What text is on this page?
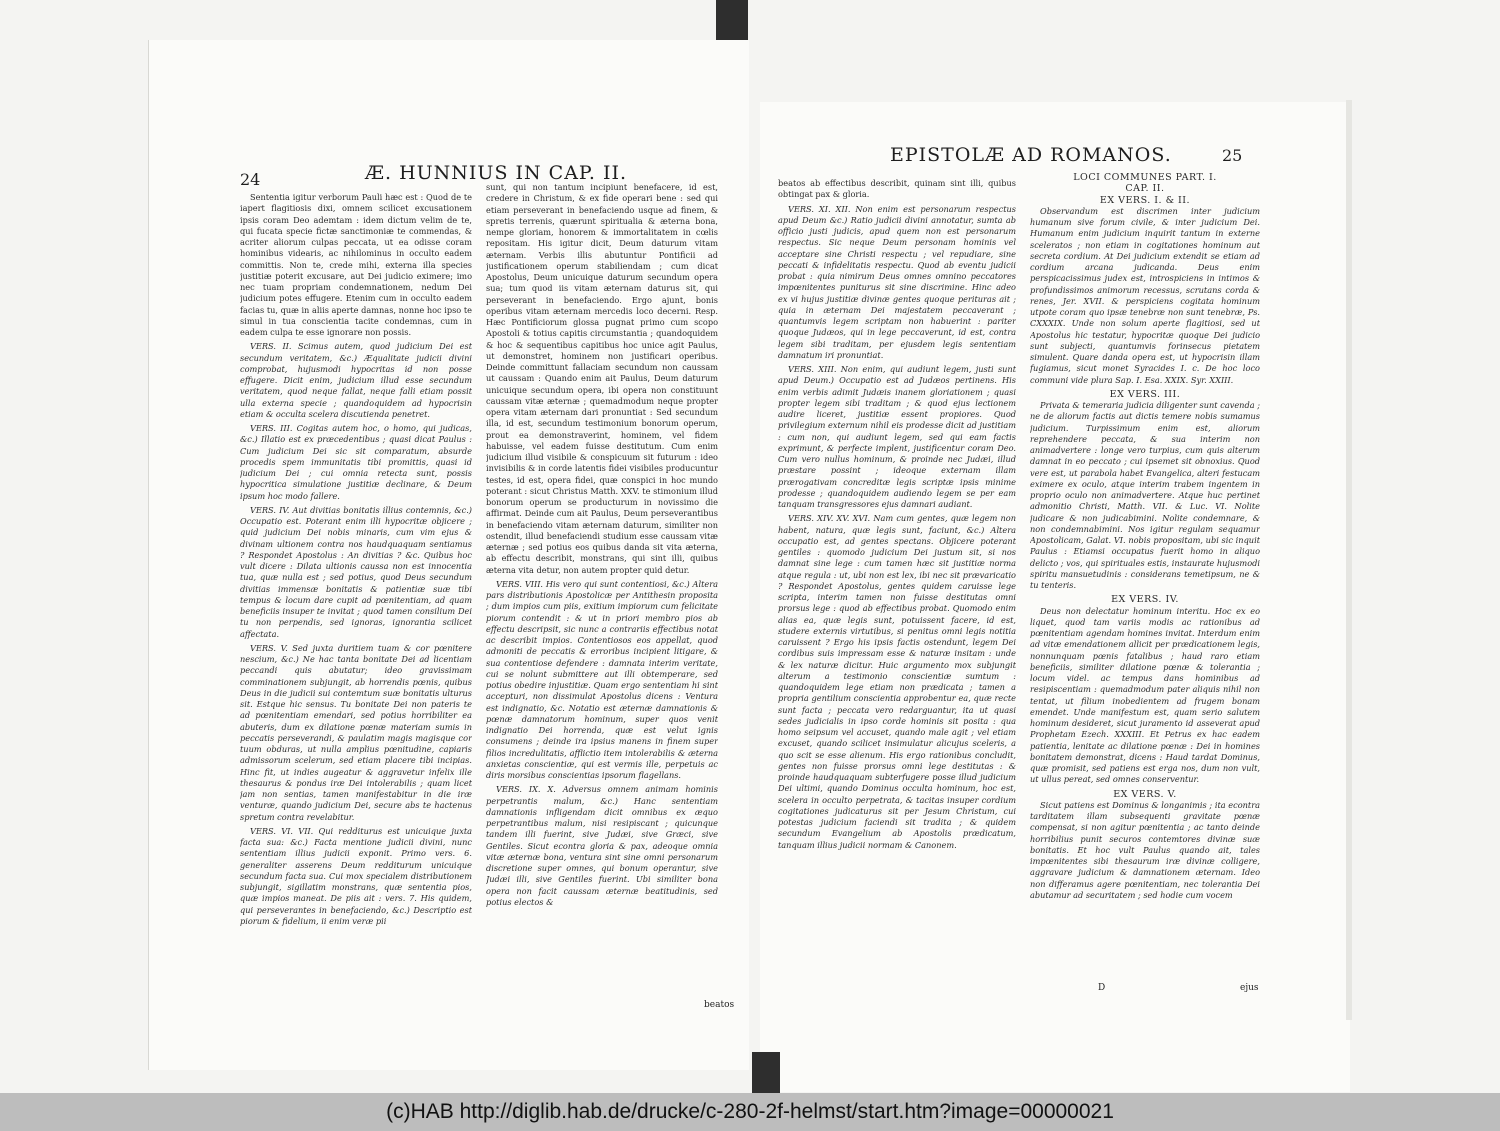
24	Æ. HUNNIUS IN CAP. II.

Sententia igitur verborum Pauli hæc est : Quod de te iapert flagitiosis dixi, omnem scilicet excusationem ipsis coram Deo ademtam : idem dictum velim de te, qui fucata specie fictæ sanctimoniæ te commendas, & acriter aliorum culpas peccata, ut ea odisse coram hominibus videaris, ac nihilominus in occulto eadem committis. Non te, crede mihi, externa illa species justitiæ poterit excusare, aut Dei judicio eximere; imo nec tuam propriam condemnationem, nedum Dei judicium potes effugere. Etenim cum in occulto eadem facias tu, quæ in aliis aperte damnas, nonne hoc ipso te simul in tua conscientia tacite condemnas, cum in eadem culpa te esse ignorare non possis.

VERS. II. Scimus autem, quod judicium Dei est secundum veritatem, &c.) Æqualitate judicii divini comprobat, hujusmodi hypocritas id non posse effugere. Dicit enim, judicium illud esse secundum veritatem, quod neque fallat, neque falli etiam possit ulla externa specie ; quandoquidem ad hypocrisin etiam & occulta scelera discutienda penetret.

VERS. III. Cogitas autem hoc, o homo, qui judicas, &c.) Illatio est ex præcedentibus ; quasi dicat Paulus : Cum judicium Dei sic sit comparatum, absurde procedis spem immunitatis tibi promittis, quasi id judicium Dei ; cui omnia retecta sunt, possis hypocritica simulatione justitiæ declinare, & Deum ipsum hoc modo fallere.

VERS. IV. Aut divitias bonitatis illius contemnis, &c.) Occupatio est. Poterant enim illi hypocritæ objicere ; quid judicium Dei nobis minaris, cum vim ejus & divinam ultionem contra nos haudquaquam sentiamus ? Respondet Apostolus : An divitias ? &c. Quibus hoc vult dicere : Dilata ultionis caussa non est innocentia tua, quæ nulla est ; sed potius, quod Deus secundum divitias immensæ bonitatis & patientiæ suæ tibi tempus & locum dare cupit ad pœnitentiam, ad quam beneficiis insuper te invitat ; quod tamen consilium Dei tu non perpendis, sed ignoras, ignorantia scilicet affectata.

VERS. V. Sed juxta duritiem tuam & cor pœnitere nescium, &c.) Ne hac tanta bonitate Dei ad licentiam peccandi quis abutatur; ideo gravissimam comminationem subjungit, ab horrendis pœnis, quibus Deus in die judicii sui contemtum suæ bonitatis ulturus sit. Estque hic sensus. Tu bonitate Dei non pateris te ad pœnitentiam emendari, sed potius horribiliter ea abuteris, dum ex dilatione pœnæ materiam sumis in peccatis perseverandi, & paulatim magis magisque cor tuum obduras, ut nulla amplius pœnitudine, capiaris admissorum scelerum, sed etiam placere tibi incipias. Hinc fit, ut indies augeatur & aggravetur infelix ille thesaurus & pondus iræ Dei intolerabilis ; quam licet jam non sentias, tamen manifestabitur in die iræ venturæ, quando judicium Dei, secure abs te hactenus spretum contra revelabitur.

VERS. VI. VII. Qui redditurus est unicuique juxta facta sua: &c.) Facta mentione judicii divini, nunc sententiam illius judicii exponit. Primo vers. 6. generaliter asserens Deum redditurum unicuique secundum facta sua. Cui mox specialem distributionem subjungit, sigillatim monstrans, quæ sententia pios, quæ impios maneat. De piis ait : vers. 7. His quidem, qui perseverantes in benefaciendo, &c.) Descriptio est piorum & fidelium, ii enim veræ pii

sunt, qui non tantum incipiunt benefacere, id est, credere in Christum, & ex fide operari bene : sed qui etiam perseverant in benefaciendo usque ad finem, & spretis terrenis, quærunt spiritualia & æterna bona, nempe gloriam, honorem & immortalitatem in cœlis repositam. His igitur dicit, Deum daturum vitam æternam. Verbis illis abutuntur Pontificii ad justificationem operum stabiliendam ; cum dicat Apostolus, Deum unicuique daturum secundum opera sua; tum quod iis vitam æternam daturus sit, qui perseverant in benefaciendo. Ergo ajunt, bonis operibus vitam æternam mercedis loco decerni. Resp. Hæc Pontificiorum glossa pugnat primo cum scopo Apostoli & totius capitis circumstantia ; quandoquidem & hoc & sequentibus capitibus hoc unice agit Paulus, ut demonstret, hominem non justificari operibus. Deinde committunt fallaciam secundum non caussam ut caussam : Quando enim ait Paulus, Deum daturum unicuique secundum opera, ibi opera non constituunt caussam vitæ æternæ ; quemadmodum neque propter opera vitam æternam dari pronuntiat : Sed secundum illa, id est, secundum testimonium bonorum operum, prout ea demonstraverint, hominem, vel fidem habuisse, vel eadem fuisse destitutum. Cum enim judicium illud visibile & conspicuum sit futurum : ideo invisibilis & in corde latentis fidei visibiles producuntur testes, id est, opera fidei, quæ conspici in hoc mundo poterant : sicut Christus Matth. XXV. te stimonium illud bonorum operum se producturum in novissimo die affirmat. Deinde cum ait Paulus, Deum perseverantibus in benefaciendo vitam æternam daturum, similiter non ostendit, illud benefaciendi studium esse caussam vitæ æternæ ; sed potius eos quibus danda sit vita æterna, ab effectu describit, monstrans, qui sint illi, quibus æterna vita detur, non autem propter quid detur.

VERS. VIII. His vero qui sunt contentiosi, &c.) Altera pars distributionis Apostolicæ per Antithesin proposita ; dum impios cum piis, exitium impiorum cum felicitate piorum contendit : & ut in priori membro pios ab effectu descripsit, sic nunc a contrariis effectibus notat ac describit impios. Contentiosos eos appellat, quod admoniti de peccatis & erroribus incipient litigare, & sua contentiose defendere : damnata interim veritate, cui se nolunt submittere aut illi obtemperare, sed potius obedire injustitiæ. Quam ergo sententiam hi sint accepturi, non dissimulat Apostolus dicens : Ventura est indignatio, &c. Notatio est æternæ damnationis & pœnæ damnatorum hominum, super quos venit indignatio Dei horrenda, quæ est velut ignis consumens ; deinde ira ipsius manens in finem super filios incredulitatis, afflictio item intolerabilis & æterna anxietas conscientiæ, qui est vermis ille, perpetuis ac diris morsibus conscientias ipsorum flagellans.

VERS. IX. X. Adversus omnem animam hominis perpetrantis malum, &c.) Hanc sententiam damnationis infligendam dicit omnibus ex æquo perpetrantibus malum, nisi resipiscant ; quicunque tandem illi fuerint, sive Judæi, sive Græci, sive Gentiles. Sicut econtra gloria & pax, adeoque omnia vitæ æternæ bona, ventura sint sine omni personarum discretione super omnes, qui bonum operantur, sive Judæi illi, sive Gentiles fuerint. Ubi similiter bona opera non facit caussam æternæ beatitudinis, sed potius electos &

beatos
EPISTOLÆ AD ROMANOS.	25

beatos ab effectibus describit, quinam sint illi, quibus obtingat pax & gloria.

VERS. XI. XII. Non enim est personarum respectus apud Deum &c.) Ratio judicii divini annotatur, sumta ab officio justi judicis, apud quem non est personarum respectus. Sic neque Deum personam hominis vel acceptare sine Christi respectu ; vel repudiare, sine peccati & infidelitatis respectu. Quod ab eventu judicii probat : quia nimirum Deus omnes omnino peccatores impœnitentes puniturus sit sine discrimine. Hinc adeo ex vi hujus justitiæ divinæ gentes quoque perituras ait ; quia in æternam Dei majestatem peccaverant ; quantumvis legem scriptam non habuerint : pariter quoque Judæos, qui in lege peccaverunt, id est, contra legem sibi traditam, per ejusdem legis sententiam damnatum iri pronuntiat.

VERS. XIII. Non enim, qui audiunt legem, justi sunt apud Deum.) Occupatio est ad Judæos pertinens. His enim verbis adimit Judæis inanem gloriationem ; quasi propter legem sibi traditam ; & quod ejus lectionem audire liceret, justitiæ essent propiores. Quod privilegium externum nihil eis prodesse dicit ad justitiam : cum non, qui audiunt legem, sed qui eam factis exprimunt, & perfecte implent, justificentur coram Deo. Cum vero nullus hominum, & proinde nec Judæi, illud præstare possint ; ideoque externam illam prærogativam concreditæ legis scriptæ ipsis minime prodesse ; quandoquidem audiendo legem se per eam tanquam transgressores ejus damnari audiant.

VERS. XIV. XV. XVI. Nam cum gentes, quæ legem non habent, natura, quæ legis sunt, faciunt, &c.) Altera occupatio est, ad gentes spectans. Objicere poterant gentiles : quomodo judicium Dei justum sit, si nos damnat sine lege : cum tamen hæc sit justitiæ norma atque regula : ut, ubi non est lex, ibi nec sit prævaricatio ? Respondet Apostolus, gentes quidem caruisse lege scripta, interim tamen non fuisse destitutas omni prorsus lege : quod ab effectibus probat. Quomodo enim alias ea, quæ legis sunt, potuissent facere, id est, studere externis virtutibus, si penitus omni legis notitia caruissent ? Ergo his ipsis factis ostendunt, legem Dei cordibus suis impressam esse & naturæ insitam : unde & lex naturæ dicitur. Huic argumento mox subjungit alterum a testimonio conscientiæ sumtum : quandoquidem lege etiam non prædicata ; tamen a propria gentilium conscientia approbentur ea, quæ recte sunt facta ; peccata vero redarguantur, ita ut quasi sedes judicialis in ipso corde hominis sit posita : qua homo seipsum vel accuset, quando male agit ; vel etiam excuset, quando scilicet insimulatur alicujus sceleris, a quo scit se esse alienum. His ergo rationibus concludit, gentes non fuisse prorsus omni lege destitutas : & proinde haudquaquam subterfugere posse illud judicium Dei ultimi, quando Dominus occulta hominum, hoc est, scelera in occulto perpetrata, & tacitas insuper cordium cogitationes judicaturus sit per Jesum Christum, cui potestas judicium faciendi sit tradita ; & quidem secundum Evangelium ab Apostolis prædicatum, tanquam illius judicii normam & Canonem.

LOCI COMMUNES PART. I.
CAP. II.
EX VERS. I. & II.

Observandum est discrimen inter judicium humanum sive forum civile, & inter judicium Dei. Humanum enim judicium inquirit tantum in externe sceleratos ; non etiam in cogitationes hominum aut secreta cordium. At Dei judicium extendit se etiam ad cordium arcana judicanda. Deus enim perspicacissimus judex est, introspiciens in intimos & profundissimos animorum recessus, scrutans corda & renes, Jer. XVII. & perspiciens cogitata hominum utpote coram quo ipsæ tenebræ non sunt tenebræ, Ps. CXXXIX. Unde non solum aperte flagitiosi, sed ut Apostolus hic testatur, hypocritæ quoque Dei judicio sunt subjecti, quantumvis forinsecus pietatem simulent. Quare danda opera est, ut hypocrisin illam fugiamus, sicut monet Syracides I. c. De hoc loco communi vide plura Sap. I. Esa. XXIX. Syr. XXIII.

EX VERS. III.

Privata & temeraria judicia diligenter sunt cavenda ; ne de aliorum factis aut dictis temere nobis sumamus judicium. Turpissimum enim est, aliorum reprehendere peccata, & sua interim non animadvertere : longe vero turpius, cum quis alterum damnat in eo peccato ; cui ipsemet sit obnoxius. Quod vere est, ut parabola habet Evangelica, alteri festucam eximere ex oculo, atque interim trabem ingentem in proprio oculo non animadvertere. Atque huc pertinet admonitio Christi, Matth. VII. & Luc. VI. Nolite judicare & non judicabimini. Nolite condemnare, & non condemnabimini. Nos igitur regulam sequamur Apostolicam, Galat. VI. nobis propositam, ubi sic inquit Paulus : Etiamsi occupatus fuerit homo in aliquo delicto ; vos, qui spirituales estis, instaurate hujusmodi spiritu mansuetudinis : considerans temetipsum, ne & tu tenteris.

EX VERS. IV.

Deus non delectatur hominum interitu. Hoc ex eo liquet, quod tam variis modis ac rationibus ad pœnitentiam agendam homines invitat. Interdum enim ad vitæ emendationem allicit per prædicationem legis, nonnunquam pœnis fatalibus ; haud raro etiam beneficiis, similiter dilatione pœnæ & tolerantia ; locum videl. ac tempus dans hominibus ad resipiscentiam : quemadmodum pater aliquis nihil non tentat, ut filium inobedientem ad frugem bonam emendet. Unde manifestum est, quam serio salutem hominum desideret, sicut juramento id asseverat apud Prophetam Ezech. XXXIII. Et Petrus ex hac eadem patientia, lenitate ac dilatione pœnæ : Dei in homines bonitatem demonstrat, dicens : Haud tardat Dominus, quæ promisit, sed patiens est erga nos, dum non vult, ut ullus pereat, sed omnes conserventur.

EX VERS. V.

Sicut patiens est Dominus & longanimis ; ita econtra tarditatem illam subsequenti gravitate pœnæ compensat, si non agitur pœnitentia ; ac tanto deinde horribilius punit securos contemtores divinæ suæ bonitatis. Et hoc vult Paulus quando ait, tales impœnitentes sibi thesaurum iræ divinæ colligere, aggravare judicium & damnationem æternam. Ideo non differamus agere pœnitentiam, nec tolerantia Dei abutamur ad securitatem ; sed hodie cum vocem

D	ejus
(c)HAB http://diglib.hab.de/drucke/c-280-2f-helmst/start.htm?image=00000021
